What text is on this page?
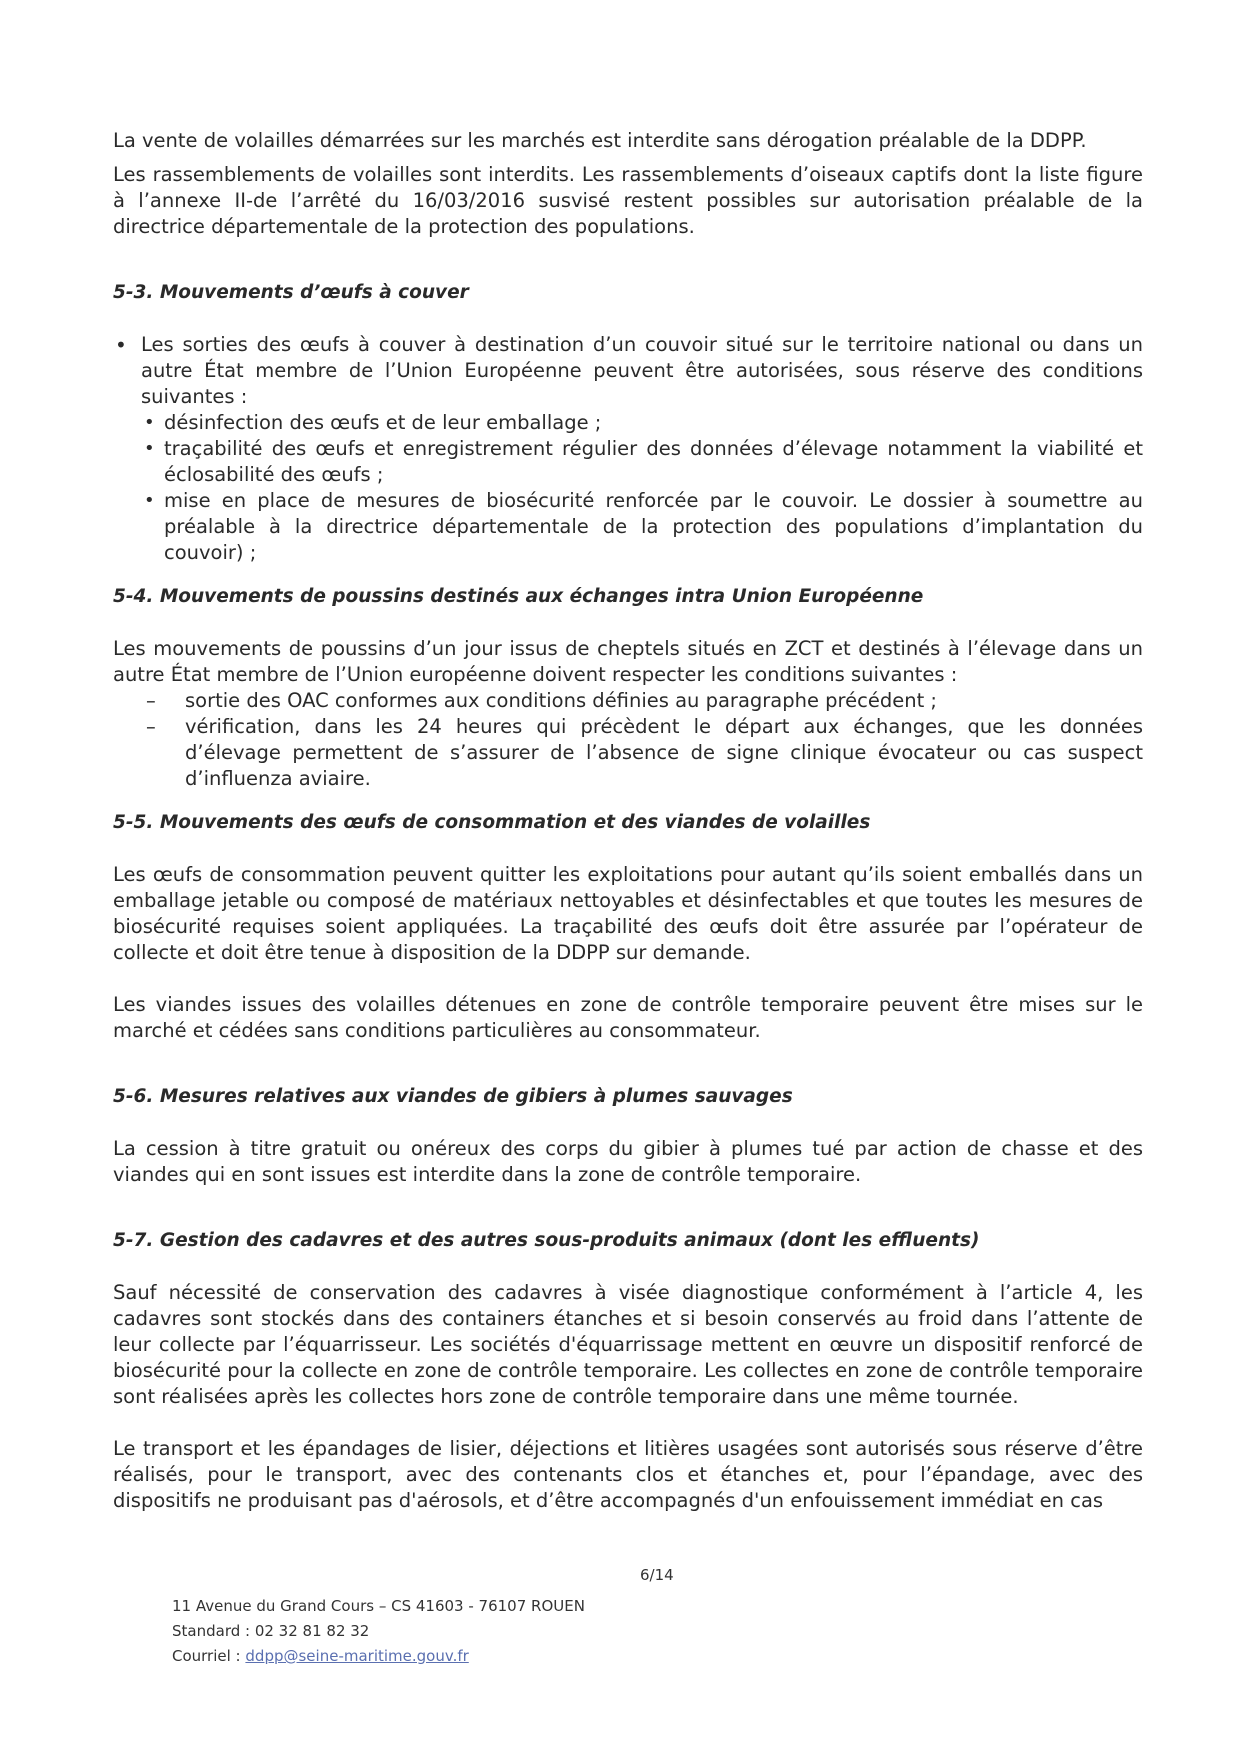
La vente de volailles démarrées sur les marchés est interdite sans dérogation préalable de la DDPP.

Les rassemblements de volailles sont interdits. Les rassemblements d’oiseaux captifs dont la liste figure à l’annexe II-de l’arrêté du 16/03/2016 susvisé restent possibles sur autorisation préalable de la directrice départementale de la protection des populations.

5-3. Mouvements d’œufs à couver
• Les sorties des œufs à couver à destination d’un couvoir situé sur le territoire national ou dans un autre État membre de l’Union Européenne peuvent être autorisées, sous réserve des conditions suivantes :
• désinfection des œufs et de leur emballage ;
• traçabilité des œufs et enregistrement régulier des données d’élevage notamment la viabilité et éclosabilité des œufs ;
• mise en place de mesures de biosécurité renforcée par le couvoir. Le dossier à soumettre au préalable à la directrice départementale de la protection des populations d’implantation du couvoir) ;
5-4. Mouvements de poussins destinés aux échanges intra Union Européenne

Les mouvements de poussins d’un jour issus de cheptels situés en ZCT et destinés à l’élevage dans un autre État membre de l’Union européenne doivent respecter les conditions suivantes :

– sortie des OAC conformes aux conditions définies au paragraphe précédent ;
– vérification, dans les 24 heures qui précèdent le départ aux échanges, que les données d’élevage permettent de s’assurer de l’absence de signe clinique évocateur ou cas suspect d’influenza aviaire.
5-5. Mouvements des œufs de consommation et des viandes de volailles

Les œufs de consommation peuvent quitter les exploitations pour autant qu’ils soient emballés dans un emballage jetable ou composé de matériaux nettoyables et désinfectables et que toutes les mesures de biosécurité requises soient appliquées. La traçabilité des œufs doit être assurée par l’opérateur de collecte et doit être tenue à disposition de la DDPP sur demande.

Les viandes issues des volailles détenues en zone de contrôle temporaire peuvent être mises sur le marché et cédées sans conditions particulières au consommateur.

5-6. Mesures relatives aux viandes de gibiers à plumes sauvages

La cession à titre gratuit ou onéreux des corps du gibier à plumes tué par action de chasse et des viandes qui en sont issues est interdite dans la zone de contrôle temporaire.

5-7. Gestion des cadavres et des autres sous-produits animaux (dont les effluents)

Sauf nécessité de conservation des cadavres à visée diagnostique conformément à l’article 4, les cadavres sont stockés dans des containers étanches et si besoin conservés au froid dans l’attente de leur collecte par l’équarrisseur. Les sociétés d'équarrissage mettent en œuvre un dispositif renforcé de biosécurité pour la collecte en zone de contrôle temporaire. Les collectes en zone de contrôle temporaire sont réalisées après les collectes hors zone de contrôle temporaire dans une même tournée.

Le transport et les épandages de lisier, déjections et litières usagées sont autorisés sous réserve d’être réalisés, pour le transport, avec des contenants clos et étanches et, pour l’épandage, avec des dispositifs ne produisant pas d'aérosols, et d’être accompagnés d'un enfouissement immédiat en cas

6/14
11 Avenue du Grand Cours – CS 41603 - 76107 ROUEN
Standard : 02 32 81 82 32
Courriel : ddpp@seine-maritime.gouv.fr
